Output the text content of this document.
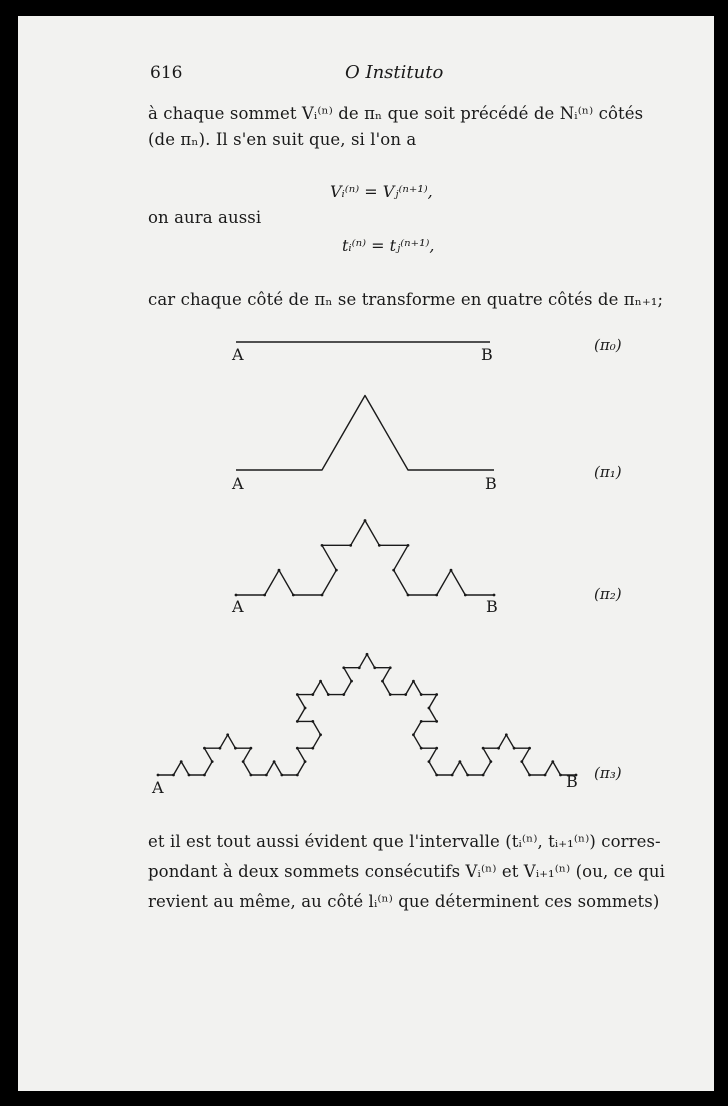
616	O Instituto
à chaque sommet Vᵢ⁽ⁿ⁾ de πₙ que soit précédé de Nᵢ⁽ⁿ⁾ côtés
(de πₙ). Il s'en suit que, si l'on a
Vᵢ⁽ⁿ⁾ = Vⱼ⁽ⁿ⁺¹⁾,
on aura aussi
tᵢ⁽ⁿ⁾ = tⱼ⁽ⁿ⁺¹⁾,
car chaque côté de πₙ se transforme en quatre côtés de πₙ₊₁;
A	B	(π₀)
A	B
(π₁)
A	B
(π₂)
A	B (π₃)
et il est tout aussi évident que l'intervalle (tᵢ⁽ⁿ⁾, tᵢ₊₁⁽ⁿ⁾) corres-
pondant à deux sommets consécutifs Vᵢ⁽ⁿ⁾ et Vᵢ₊₁⁽ⁿ⁾ (ou, ce qui
revient au même, au côté lᵢ⁽ⁿ⁾ que déterminent ces sommets)
